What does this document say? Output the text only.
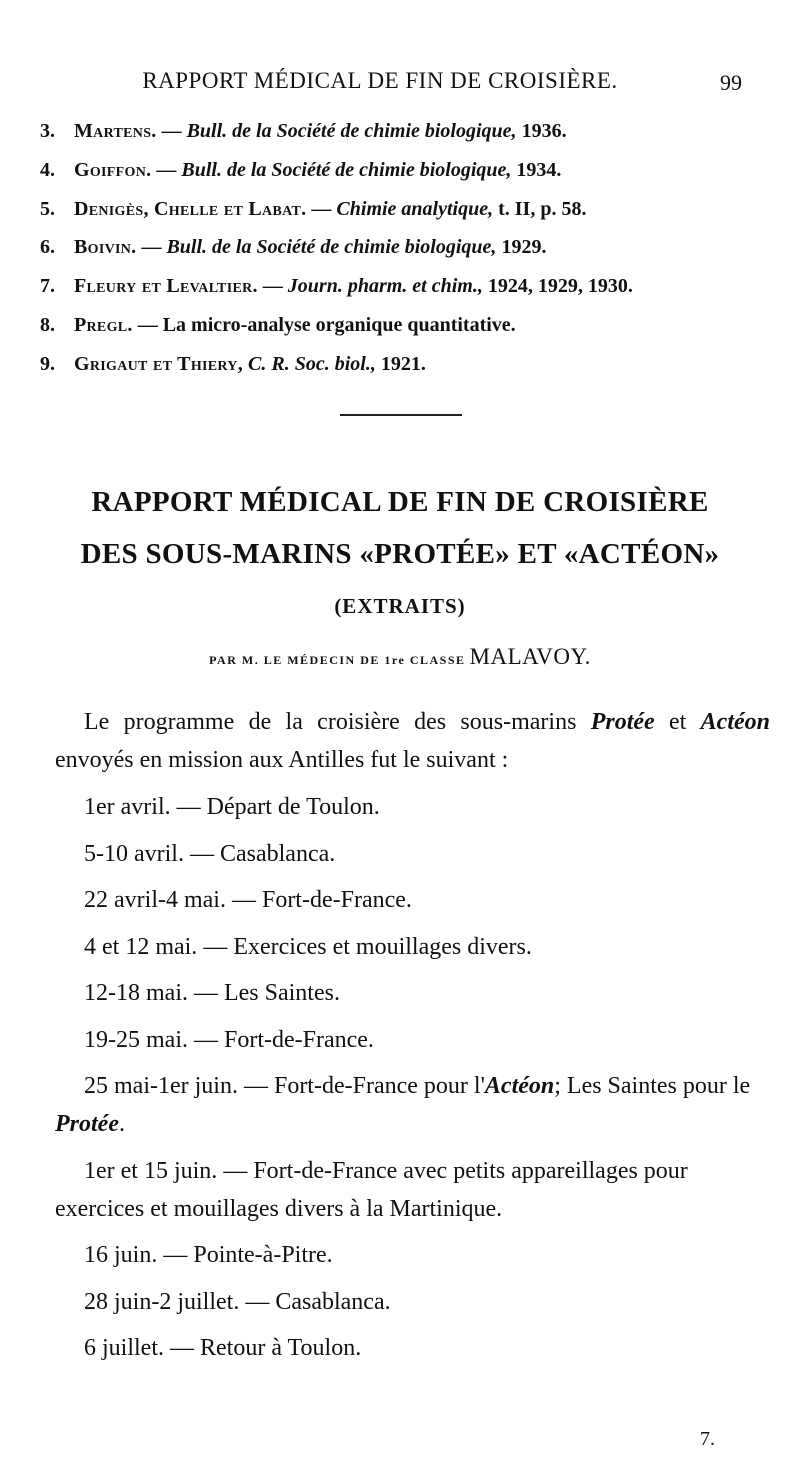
RAPPORT MÉDICAL DE FIN DE CROISIÈRE.	99
3. Martens. — Bull. de la Société de chimie biologique, 1936.
4. Goiffon. — Bull. de la Société de chimie biologique, 1934.
5. Denigès, Chelle et Labat. — Chimie analytique, t. II, p. 58.
6. Boivin. — Bull. de la Société de chimie biologique, 1929.
7. Fleury et Levaltier. — Journ. pharm. et chim., 1924, 1929, 1930.
8. Pregl. — La micro-analyse organique quantitative.
9. Grigaut et Thiery, C. R. Soc. biol., 1921.
RAPPORT MÉDICAL DE FIN DE CROISIÈRE
DES SOUS-MARINS «PROTÉE» ET «ACTÉON»
(EXTRAITS)
PAR M. LE MÉDECIN DE 1re CLASSE MALAVOY.

Le programme de la croisière des sous-marins Protée et Actéon envoyés en mission aux Antilles fut le suivant :

1er avril. — Départ de Toulon.
5-10 avril. — Casablanca.
22 avril-4 mai. — Fort-de-France.
4 et 12 mai. — Exercices et mouillages divers.
12-18 mai. — Les Saintes.
19-25 mai. — Fort-de-France.
25 mai-1er juin. — Fort-de-France pour l'Actéon; Les Saintes pour le Protée.
1er et 15 juin. — Fort-de-France avec petits appareillages pour exercices et mouillages divers à la Martinique.
16 juin. — Pointe-à-Pitre.
28 juin-2 juillet. — Casablanca.
6 juillet. — Retour à Toulon.
7.
